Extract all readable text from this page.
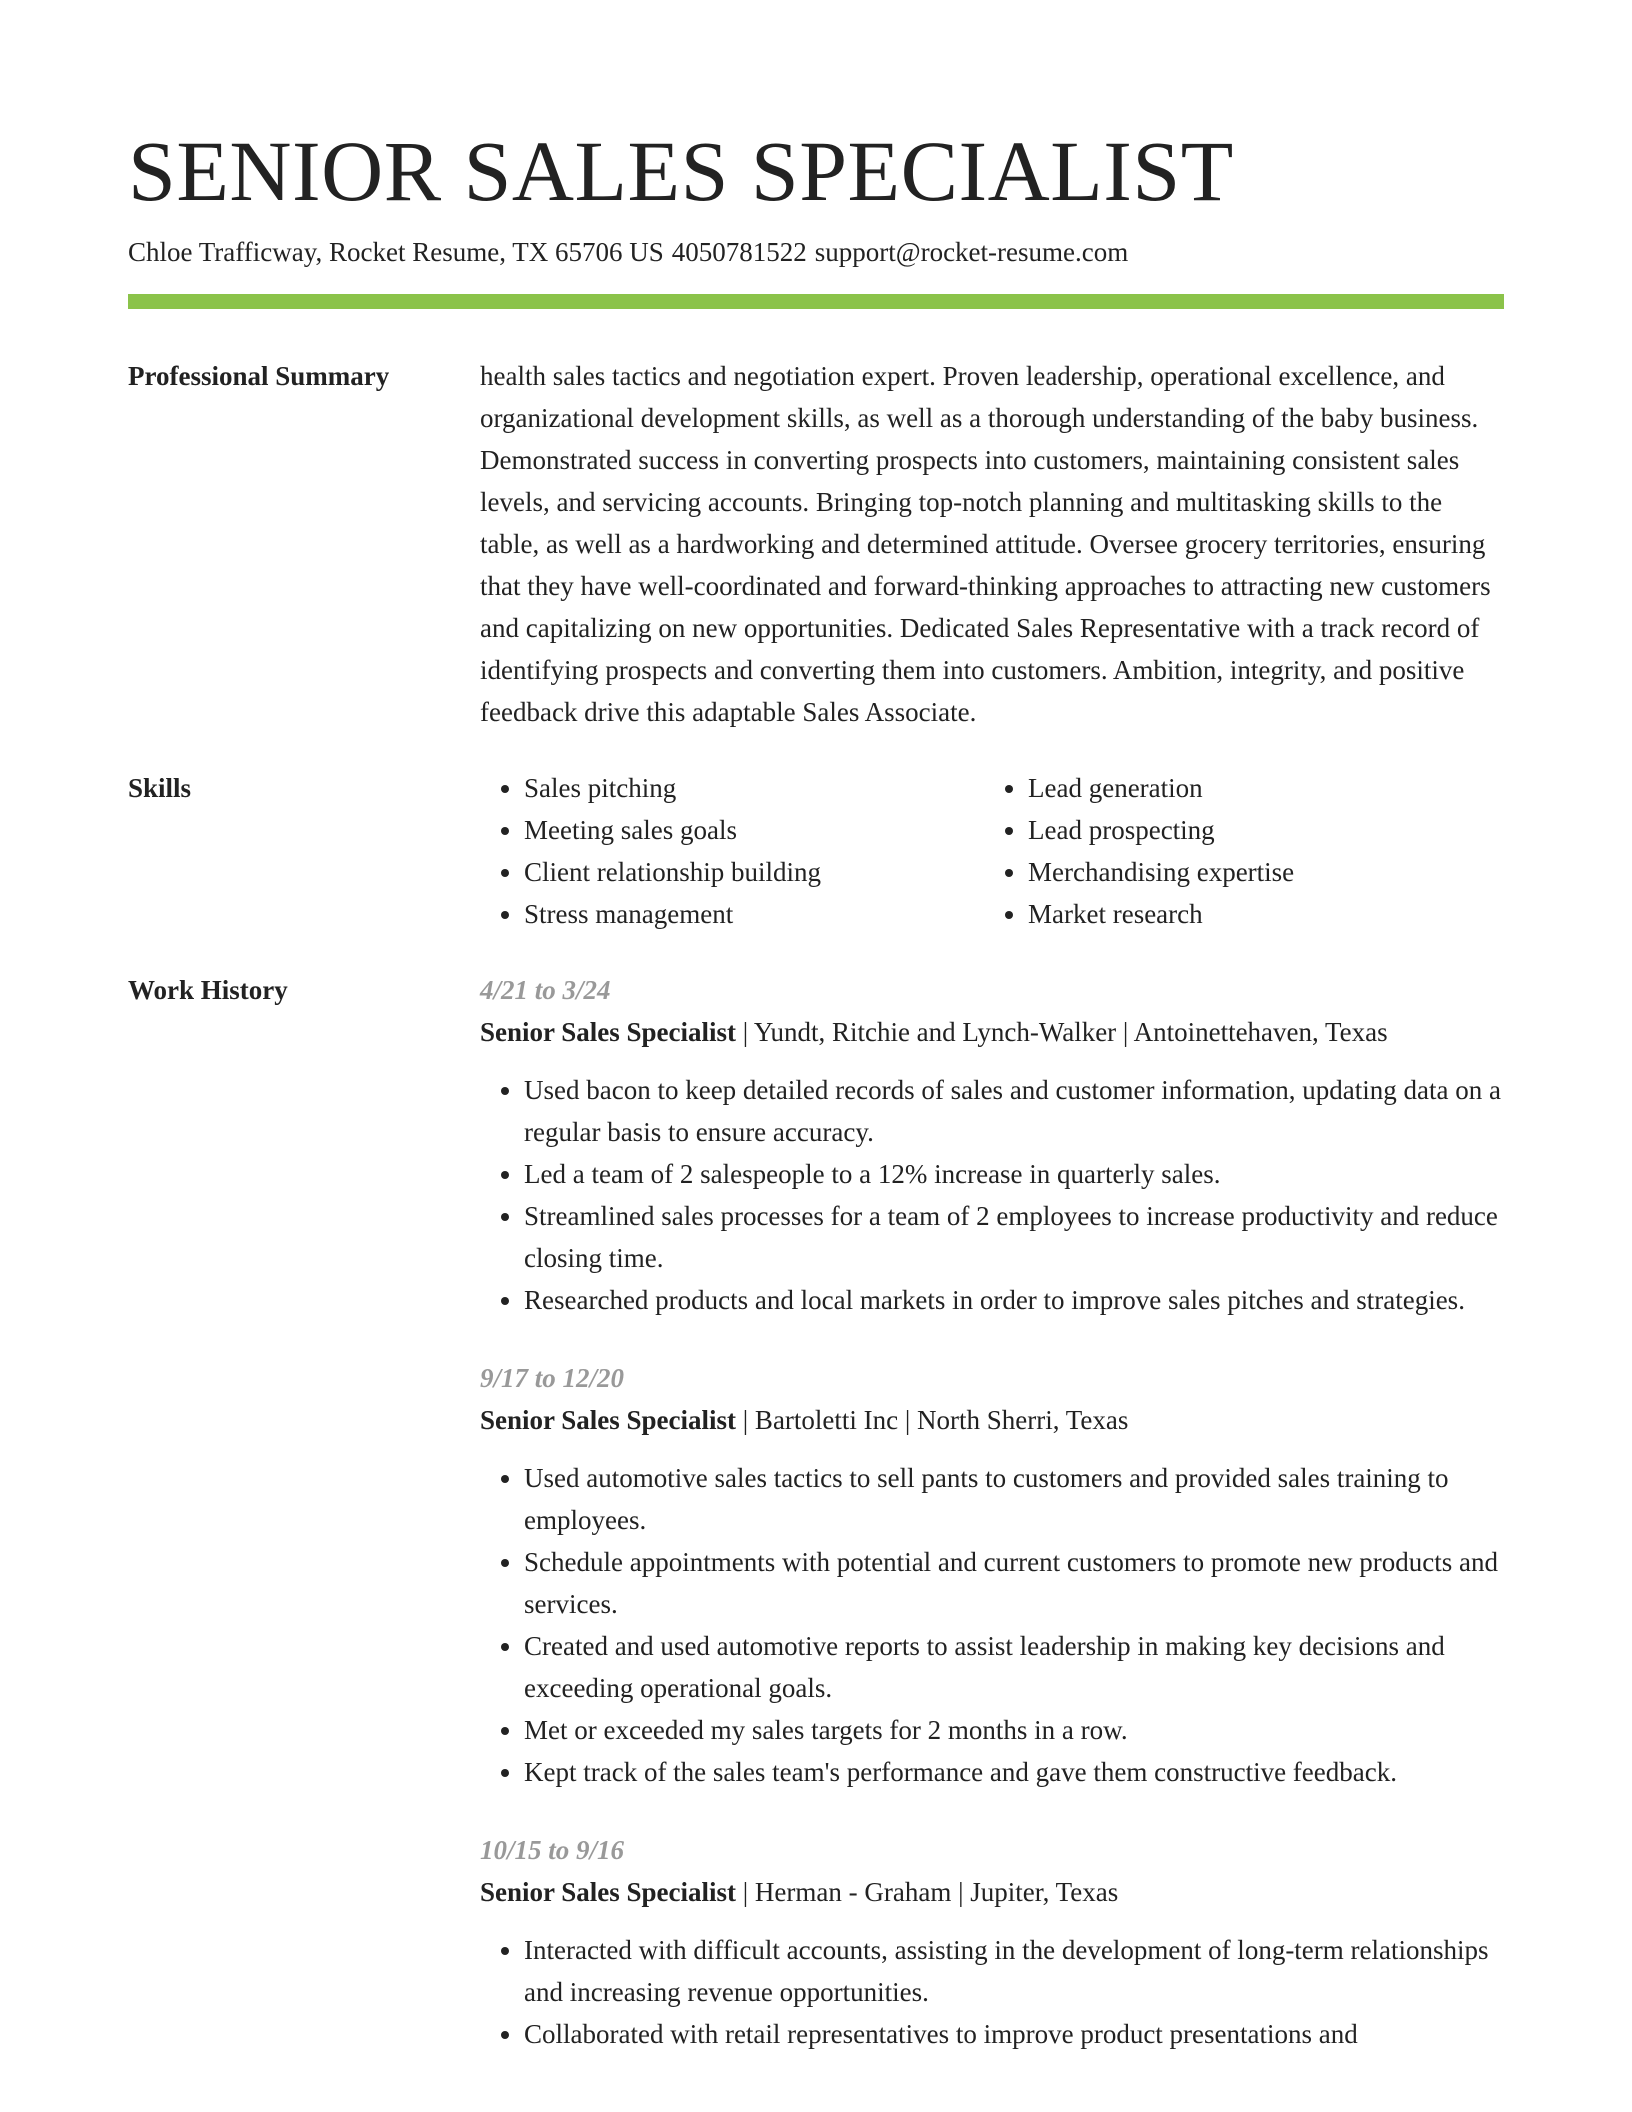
SENIOR SALES SPECIALIST
Chloe Trafficway, Rocket Resume, TX 65706 US 4050781522 support@rocket-resume.com
Professional Summary	health sales tactics and negotiation expert. Proven leadership, operational excellence, and organizational development skills, as well as a thorough understanding of the baby business. Demonstrated success in converting prospects into customers, maintaining consistent sales levels, and servicing accounts. Bringing top-notch planning and multitasking skills to the table, as well as a hardworking and determined attitude. Oversee grocery territories, ensuring that they have well-coordinated and forward-thinking approaches to attracting new customers and capitalizing on new opportunities. Dedicated Sales Representative with a track record of identifying prospects and converting them into customers. Ambition, integrity, and positive feedback drive this adaptable Sales Associate.

Skills
•	Sales pitching
• Meeting sales goals
• Client relationship building
• Stress management
• Lead generation
• Lead prospecting
• Merchandising expertise
• Market research
Work History	4/21 to 3/24
Senior Sales Specialist | Yundt, Ritchie and Lynch-Walker | Antoinettehaven, Texas
• Used bacon to keep detailed records of sales and customer information, updating data on a regular basis to ensure accuracy.
• Led a team of 2 salespeople to a 12% increase in quarterly sales.
• Streamlined sales processes for a team of 2 employees to increase productivity and reduce closing time.
• Researched products and local markets in order to improve sales pitches and strategies.
9/17 to 12/20
Senior Sales Specialist | Bartoletti Inc | North Sherri, Texas
• Used automotive sales tactics to sell pants to customers and provided sales training to employees.
• Schedule appointments with potential and current customers to promote new products and services.
• Created and used automotive reports to assist leadership in making key decisions and exceeding operational goals.
• Met or exceeded my sales targets for 2 months in a row.
• Kept track of the sales team's performance and gave them constructive feedback.
10/15 to 9/16
Senior Sales Specialist | Herman - Graham | Jupiter, Texas
• Interacted with difficult accounts, assisting in the development of long-term relationships and increasing revenue opportunities.
• Collaborated with retail representatives to improve product presentations and
